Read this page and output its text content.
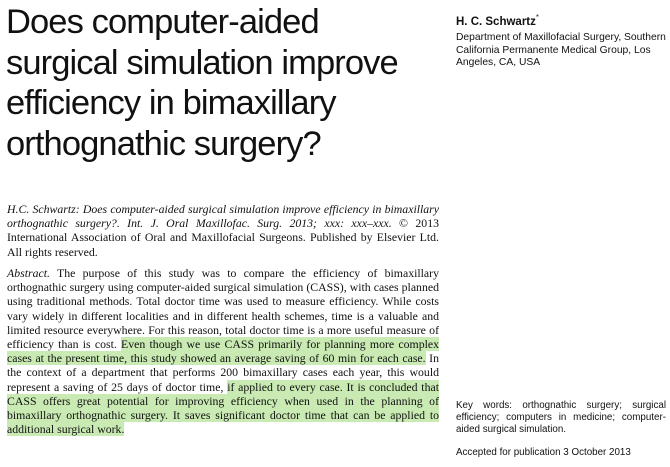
Does computer-aided surgical simulation improve efficiency in bimaxillary orthognathic surgery?
H. C. Schwartz*
Department of Maxillofacial Surgery, Southern California Permanente Medical Group, Los Angeles, CA, USA
H.C. Schwartz: Does computer-aided surgical simulation improve efficiency in bimaxillary orthognathic surgery?. Int. J. Oral Maxillofac. Surg. 2013; xxx: xxx–xxx. © 2013 International Association of Oral and Maxillofacial Surgeons. Published by Elsevier Ltd. All rights reserved.
Abstract. The purpose of this study was to compare the efficiency of bimaxillary orthognathic surgery using computer-aided surgical simulation (CASS), with cases planned using traditional methods. Total doctor time was used to measure efficiency. While costs vary widely in different localities and in different health schemes, time is a valuable and limited resource everywhere. For this reason, total doctor time is a more useful measure of efficiency than is cost. Even though we use CASS primarily for planning more complex cases at the present time, this study showed an average saving of 60 min for each case. In the context of a department that performs 200 bimaxillary cases each year, this would represent a saving of 25 days of doctor time, if applied to every case. It is concluded that CASS offers great potential for improving efficiency when used in the planning of bimaxillary orthognathic surgery. It saves significant doctor time that can be applied to additional surgical work.
Key words: orthognathic surgery; surgical efficiency; computers in medicine; computer-aided surgical simulation.
Accepted for publication 3 October 2013
